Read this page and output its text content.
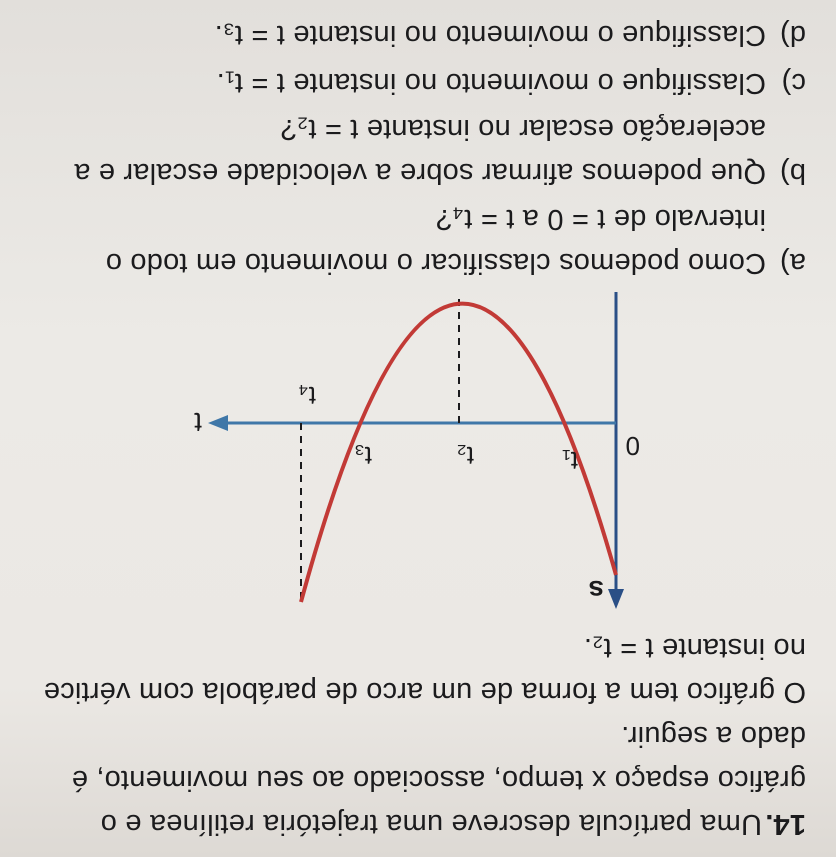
14.
Uma partícula descreve uma trajetória retilínea e o
gráfico espaço x tempo, associado ao seu movimento, é
dado a seguir.
O gráfico tem a forma de um arco de parábola com vértice
no instante t = t₂.
s
t
0
t₁
t₂
t₃
t₄
a)
Como podemos classificar o movimento em todo o
intervalo de t = 0 a t = t₄?
b)
Que podemos afirmar sobre a velocidade escalar e a
aceleração escalar no instante t = t₂?
c)
Classifique o movimento no instante t = t₁.
d)
Classifique o movimento no instante t = t₃.
